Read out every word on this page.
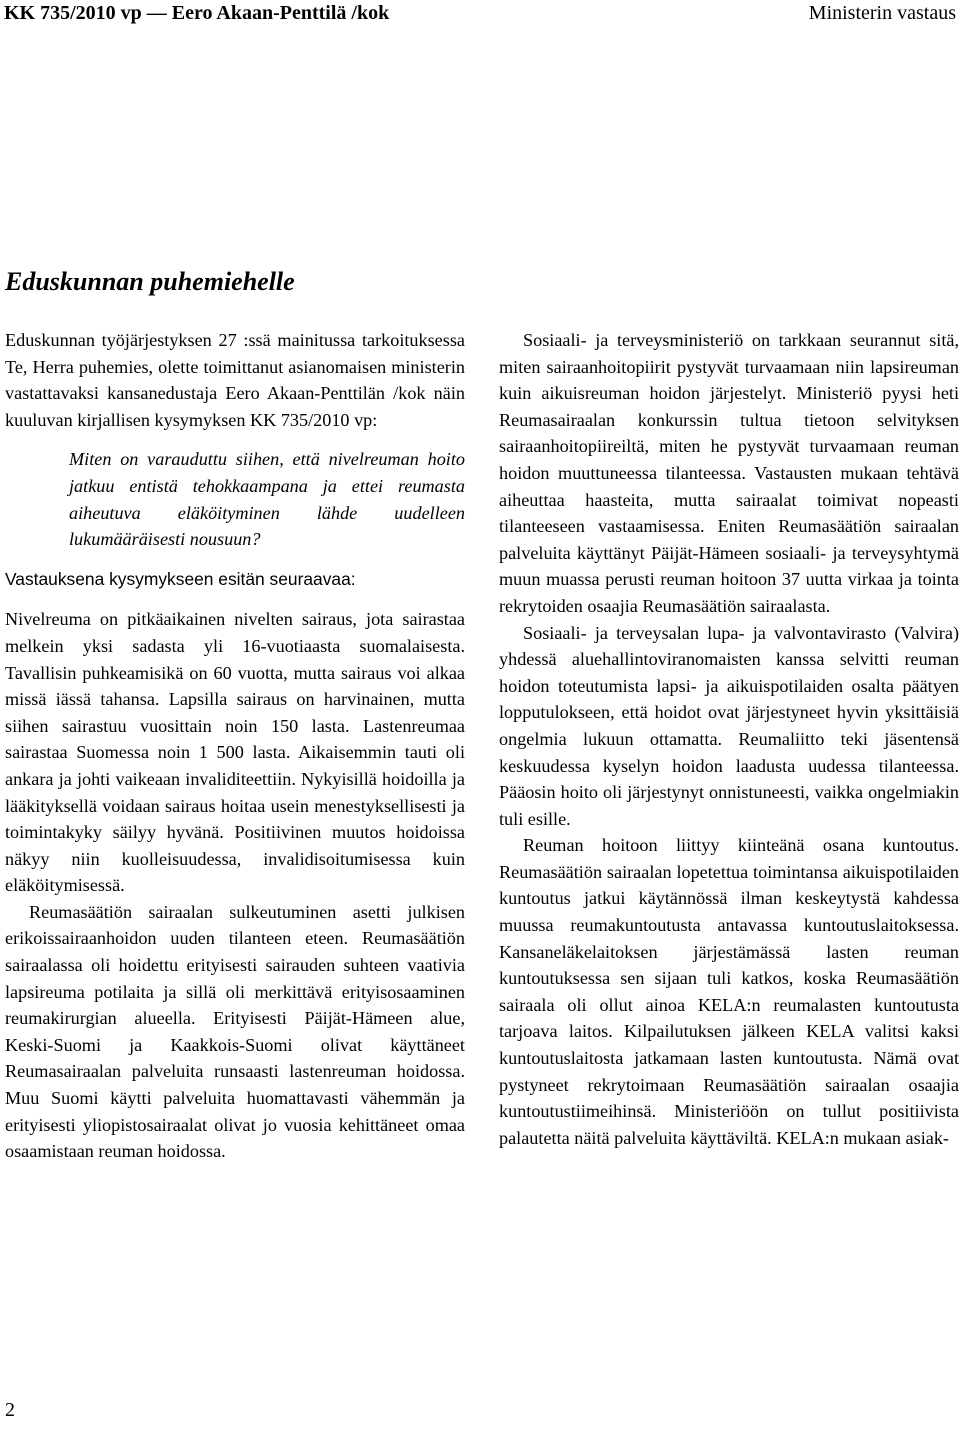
KK 735/2010 vp — Eero Akaan-Penttilä /kok	Ministerin vastaus
Eduskunnan puhemiehelle

Eduskunnan työjärjestyksen 27 :ssä mainitussa tarkoituksessa Te, Herra puhemies, olette toimittanut asianomaisen ministerin vastattavaksi kansanedustaja Eero Akaan-Penttilän /kok näin kuuluvan kirjallisen kysymyksen KK 735/2010 vp:

Miten on varauduttu siihen, että nivelreuman hoito jatkuu entistä tehokkaampana ja ettei reumasta aiheutuva eläköityminen lähde uudelleen lukumääräisesti nousuun?

Vastauksena kysymykseen esitän seuraavaa:

Nivelreuma on pitkäaikainen nivelten sairaus, jota sairastaa melkein yksi sadasta yli 16-vuotiaasta suomalaisesta. Tavallisin puhkeamisikä on 60 vuotta, mutta sairaus voi alkaa missä iässä tahansa. Lapsilla sairaus on harvinainen, mutta siihen sairastuu vuosittain noin 150 lasta. Lastenreumaa sairastaa Suomessa noin 1 500 lasta. Aikaisemmin tauti oli ankara ja johti vaikeaan invaliditeettiin. Nykyisillä hoidoilla ja lääkityksellä voidaan sairaus hoitaa usein menestyksellisesti ja toimintakyky säilyy hyvänä. Positiivinen muutos hoidoissa näkyy niin kuolleisuudessa, invalidisoitumisessa kuin eläköitymisessä.

Reumasäätiön sairaalan sulkeutuminen asetti julkisen erikoissairaanhoidon uuden tilanteen eteen. Reumasäätiön sairaalassa oli hoidettu erityisesti sairauden suhteen vaativia lapsireuma potilaita ja sillä oli merkittävä erityisosaaminen reumakirurgian alueella. Erityisesti Päijät-Hämeen alue, Keski-Suomi ja Kaakkois-Suomi olivat käyttäneet Reumasairaalan palveluita runsaasti lastenreuman hoidossa. Muu Suomi käytti palveluita huomattavasti vähemmän ja erityisesti yliopistosairaalat olivat jo vuosia kehittäneet omaa osaamistaan reuman hoidossa.

Sosiaali- ja terveysministeriö on tarkkaan seurannut sitä, miten sairaanhoitopiirit pystyvät turvaamaan niin lapsireuman kuin aikuisreuman hoidon järjestelyt. Ministeriö pyysi heti Reumasairaalan konkurssin tultua tietoon selvityksen sairaanhoitopiireiltä, miten he pystyvät turvaamaan reuman hoidon muuttuneessa tilanteessa. Vastausten mukaan tehtävä aiheuttaa haasteita, mutta sairaalat toimivat nopeasti tilanteeseen vastaamisessa. Eniten Reumasäätiön sairaalan palveluita käyttänyt Päijät-Hämeen sosiaali- ja terveysyhtymä muun muassa perusti reuman hoitoon 37 uutta virkaa ja tointa rekrytoiden osaajia Reumasäätiön sairaalasta.

Sosiaali- ja terveysalan lupa- ja valvontavirasto (Valvira) yhdessä aluehallintoviranomaisten kanssa selvitti reuman hoidon toteutumista lapsi- ja aikuispotilaiden osalta päätyen lopputulokseen, että hoidot ovat järjestyneet hyvin yksittäisiä ongelmia lukuun ottamatta. Reumaliitto teki jäsentensä keskuudessa kyselyn hoidon laadusta uudessa tilanteessa. Pääosin hoito oli järjestynyt onnistuneesti, vaikka ongelmiakin tuli esille.

Reuman hoitoon liittyy kiinteänä osana kuntoutus. Reumasäätiön sairaalan lopetettua toimintansa aikuispotilaiden kuntoutus jatkui käytännössä ilman keskeytystä kahdessa muussa reumakuntoutusta antavassa kuntoutuslaitoksessa. Kansaneläkelaitoksen järjestämässä lasten reuman kuntoutuksessa sen sijaan tuli katkos, koska Reumasäätiön sairaala oli ollut ainoa KELA:n reumalasten kuntoutusta tarjoava laitos. Kilpailutuksen jälkeen KELA valitsi kaksi kuntoutuslaitosta jatkamaan lasten kuntoutusta. Nämä ovat pystyneet rekrytoimaan Reumasäätiön sairaalan osaajia kuntoutustiimeihinsä. Ministeriöön on tullut positiivista palautetta näitä palveluita käyttäviltä. KELA:n mukaan asiak-

2
